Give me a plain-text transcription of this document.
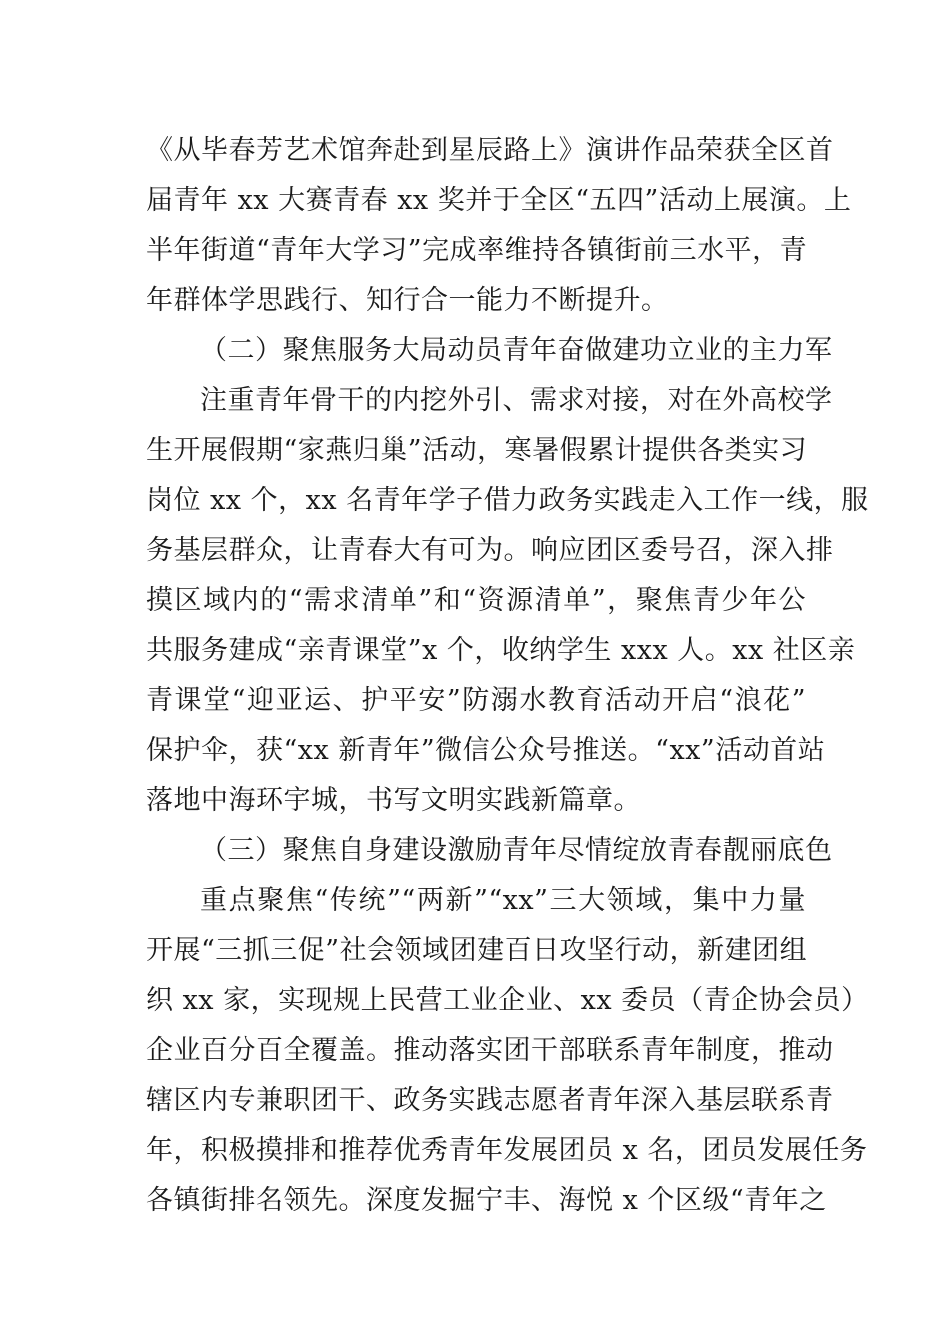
《从毕春芳艺术馆奔赴到星辰路上》演讲作品荣获全区首
届青年 xx 大赛青春 xx 奖并于全区“五四”活动上展演。上
半年街道“青年大学习”完成率维持各镇街前三水平，青
年群体学思践行、知行合一能力不断提升。
（二）聚焦服务大局动员青年奋做建功立业的主力军
注重青年骨干的内挖外引、需求对接，对在外高校学
生开展假期“家燕归巢”活动，寒暑假累计提供各类实习
岗位 xx 个，xx 名青年学子借力政务实践走入工作一线，服
务基层群众，让青春大有可为。响应团区委号召，深入排
摸区域内的“需求清单”和“资源清单”，聚焦青少年公
共服务建成“亲青课堂”x 个，收纳学生 xxx 人。xx 社区亲
青课堂“迎亚运、护平安”防溺水教育活动开启“浪花”
保护伞，获“xx 新青年”微信公众号推送。“xx”活动首站
落地中海环宇城，书写文明实践新篇章。
（三）聚焦自身建设激励青年尽情绽放青春靓丽底色
重点聚焦“传统”“两新”“xx”三大领域，集中力量
开展“三抓三促”社会领域团建百日攻坚行动，新建团组
织 xx 家，实现规上民营工业企业、xx 委员（青企协会员）
企业百分百全覆盖。推动落实团干部联系青年制度，推动
辖区内专兼职团干、政务实践志愿者青年深入基层联系青
年，积极摸排和推荐优秀青年发展团员 x 名，团员发展任务
各镇街排名领先。深度发掘宁丰、海悦 x 个区级“青年之
